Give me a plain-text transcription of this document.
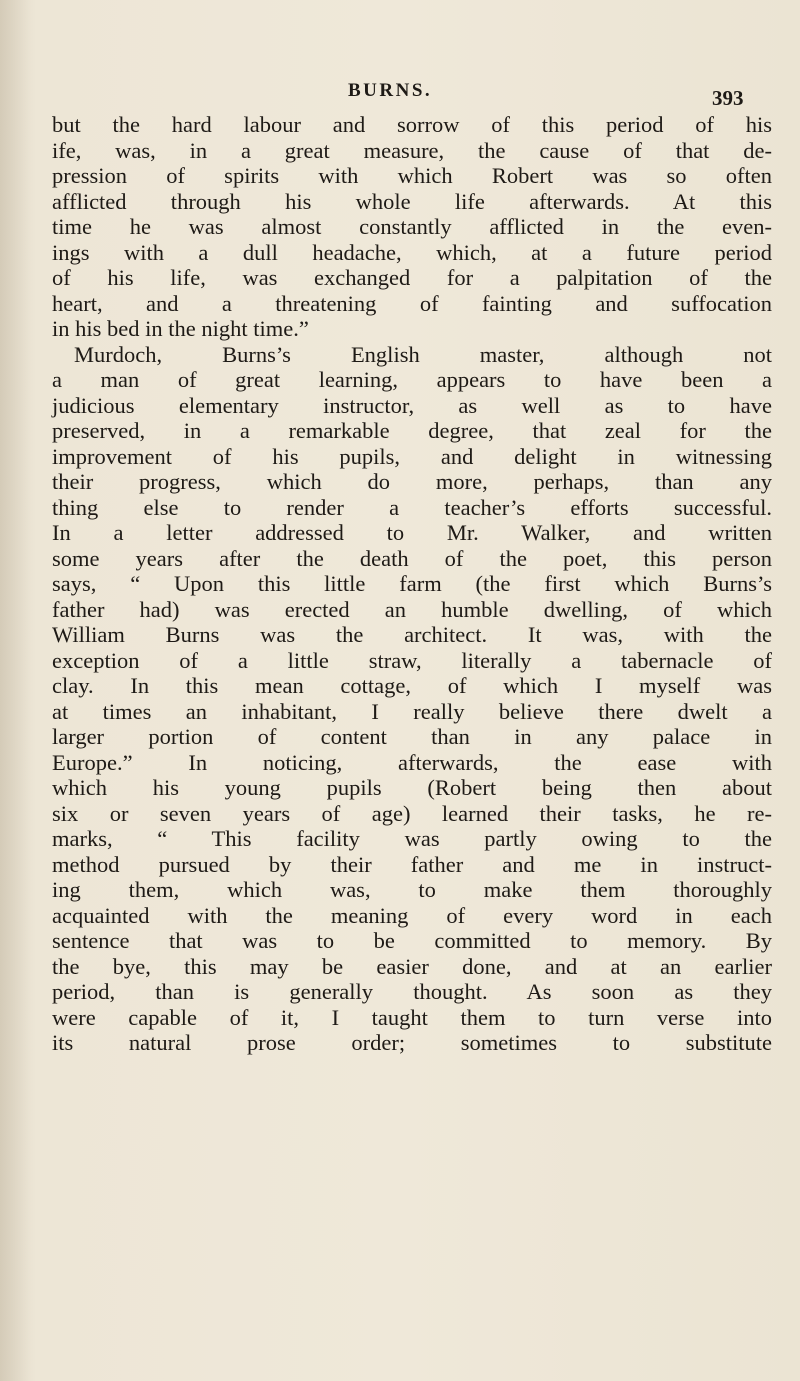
BURNS.	393
but the hard labour and sorrow of this period of his
ife, was, in a great measure, the cause of that de-
pression of spirits with which Robert was so often
afflicted through his whole life afterwards. At this
time he was almost constantly afflicted in the even-
ings with a dull headache, which, at a future period
of his life, was exchanged for a palpitation of the
heart, and a threatening of fainting and suffocation
in his bed in the night time.”
Murdoch, Burns’s English master, although not
a man of great learning, appears to have been a
judicious elementary instructor, as well as to have
preserved, in a remarkable degree, that zeal for the
improvement of his pupils, and delight in witnessing
their progress, which do more, perhaps, than any
thing else to render a teacher’s efforts successful.
In a letter addressed to Mr. Walker, and written
some years after the death of the poet, this person
says, “ Upon this little farm (the first which Burns’s
father had) was erected an humble dwelling, of which
William Burns was the architect. It was, with the
exception of a little straw, literally a tabernacle of
clay. In this mean cottage, of which I myself was
at times an inhabitant, I really believe there dwelt a
larger portion of content than in any palace in
Europe.” In noticing, afterwards, the ease with
which his young pupils (Robert being then about
six or seven years of age) learned their tasks, he re-
marks, “ This facility was partly owing to the
method pursued by their father and me in instruct-
ing them, which was, to make them thoroughly
acquainted with the meaning of every word in each
sentence that was to be committed to memory. By
the bye, this may be easier done, and at an earlier
period, than is generally thought. As soon as they
were capable of it, I taught them to turn verse into
its natural prose order; sometimes to substitute
